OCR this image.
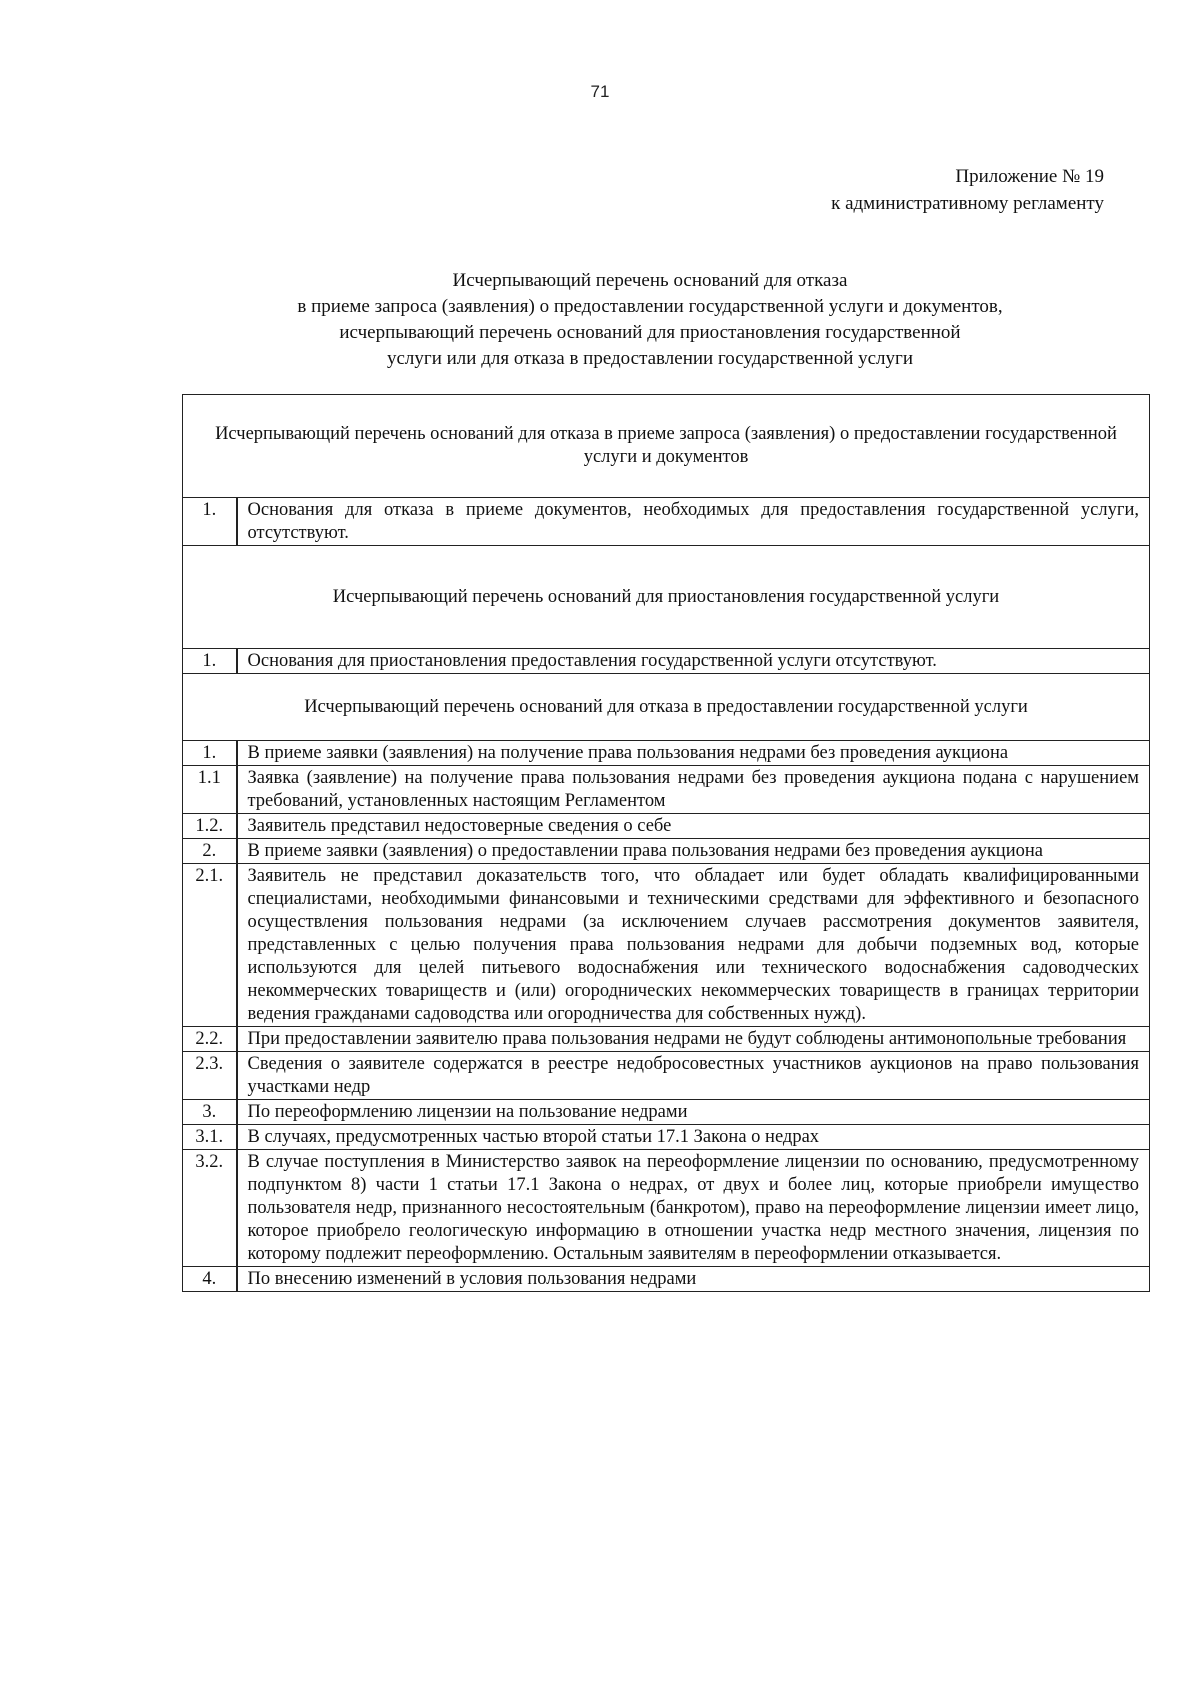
71
Приложение № 19
к административному регламенту
Исчерпывающий перечень оснований для отказа
в приеме запроса (заявления) о предоставлении государственной услуги и документов,
исчерпывающий перечень оснований для приостановления государственной
услуги или для отказа в предоставлении государственной услуги
Исчерпывающий перечень оснований для отказа в приеме запроса (заявления) о предоставлении государственной услуги и документов	
1.	Основания для отказа в приеме документов, необходимых для предоставления государственной услуги, отсутствуют.

Исчерпывающий перечень оснований для приостановления государственной услуги	

1.	Основания для приостановления предоставления государственной услуги отсутствуют.
Исчерпывающий перечень оснований для отказа в предоставлении государственной услуги	
1.	В приеме заявки (заявления) на получение права пользования недрами без проведения аукциона
1.1	Заявка (заявление) на получение права пользования недрами без проведения аукциона подана с нарушением требований, установленных настоящим Регламентом
1.2.	Заявитель представил недостоверные сведения о себе
2.	В приеме заявки (заявления) о предоставлении права пользования недрами без проведения аукциона
2.1.	Заявитель не представил доказательств того, что обладает или будет обладать квалифицированными специалистами, необходимыми финансовыми и техническими средствами для эффективного и безопасного осуществления пользования недрами (за исключением случаев рассмотрения документов заявителя, представленных с целью получения права пользования недрами для добычи подземных вод, которые используются для целей питьевого водоснабжения или технического водоснабжения садоводческих некоммерческих товариществ и (или) огороднических некоммерческих товариществ в границах территории ведения гражданами садоводства или огородничества для собственных нужд).
2.2.	При предоставлении заявителю права пользования недрами не будут соблюдены антимонопольные требования
2.3.	Сведения о заявителе содержатся в реестре недобросовестных участников аукционов на право пользования участками недр
3.	По переоформлению лицензии на пользование недрами
3.1.	В случаях, предусмотренных частью второй статьи 17.1 Закона о недрах
3.2.	В случае поступления в Министерство заявок на переоформление лицензии по основанию, предусмотренному подпунктом 8) части 1 статьи 17.1 Закона о недрах, от двух и более лиц, которые приобрели имущество пользователя недр, признанного несостоятельным (банкротом), право на переоформление лицензии имеет лицо, которое приобрело геологическую информацию в отношении участка недр местного значения, лицензия по которому подлежит переоформлению. Остальным заявителям в переоформлении отказывается.
4.	По внесению изменений в условия пользования недрами
